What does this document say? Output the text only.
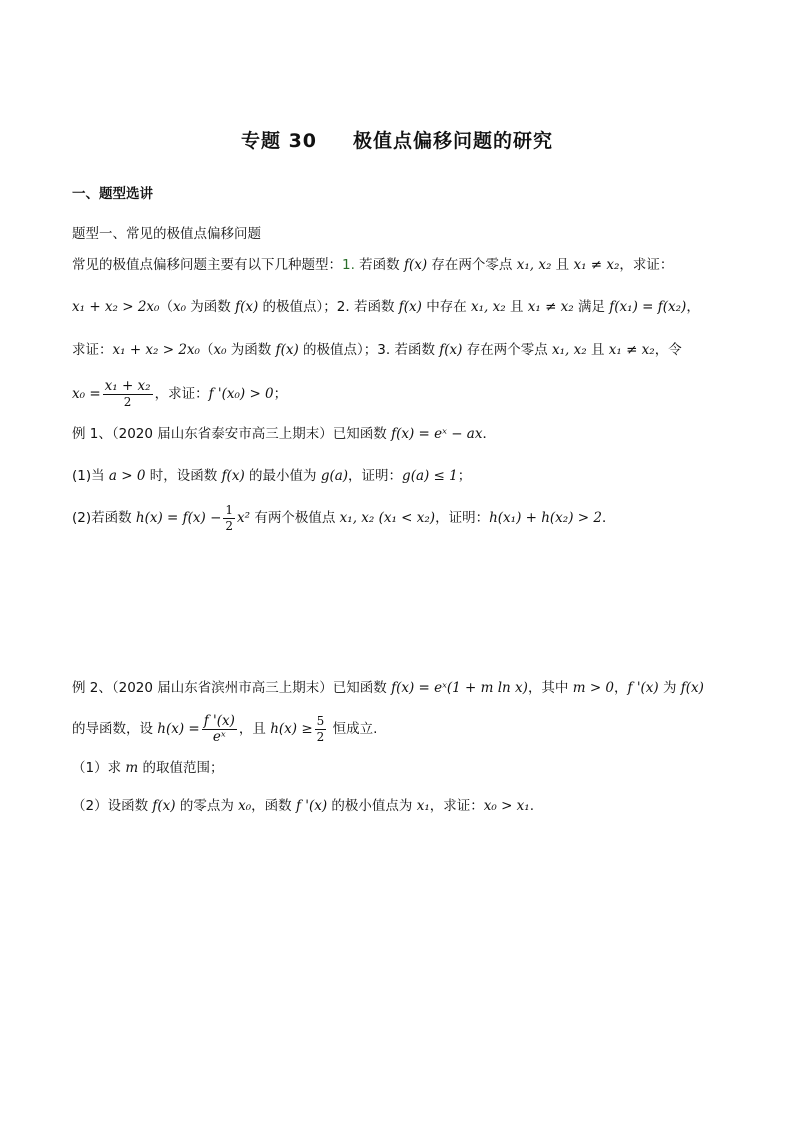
专题 30 极值点偏移问题的研究
一、题型选讲
题型一、常见的极值点偏移问题
常见的极值点偏移问题主要有以下几种题型：1. 若函数 f(x) 存在两个零点 x₁, x₂ 且 x₁ ≠ x₂，求证：
x₁ + x₂ > 2x₀（x₀ 为函数 f(x) 的极值点）；2. 若函数 f(x) 中存在 x₁, x₂ 且 x₁ ≠ x₂ 满足 f(x₁) = f(x₂)，
求证：x₁ + x₂ > 2x₀（x₀ 为函数 f(x) 的极值点）；3. 若函数 f(x) 存在两个零点 x₁, x₂ 且 x₁ ≠ x₂，令
$x_0 = \frac{\text{x₁ + x₂}}{2}$ ，求证：f '(x₀) > 0；
例 1、（2020 届山东省泰安市高三上期末）已知函数 f(x) = eˣ − ax．
(1)当 a > 0 时，设函数 f(x) 的最小值为 g(a)，证明：g(a) ≤ 1；
(2)若函数 $h(x) = f(x) - \frac{1}{2} x^2$ 有两个极值点 x₁, x₂ (x₁ < x₂)，证明：h(x₁) + h(x₂) > 2．
例 2、（2020 届山东省滨州市高三上期末）已知函数 f(x) = eˣ(1 + m ln x)，其中 m > 0，f '(x) 为 f(x)
的导函数，设 $h(x) = \frac{f '(x)}{\text{eˣ}}$ ，且 $h(x) \ge \frac{5}{2}$ 恒成立.
（1）求 m 的取值范围；
（2）设函数 f(x) 的零点为 x₀，函数 f '(x) 的极小值点为 x₁，求证：x₀ > x₁.
